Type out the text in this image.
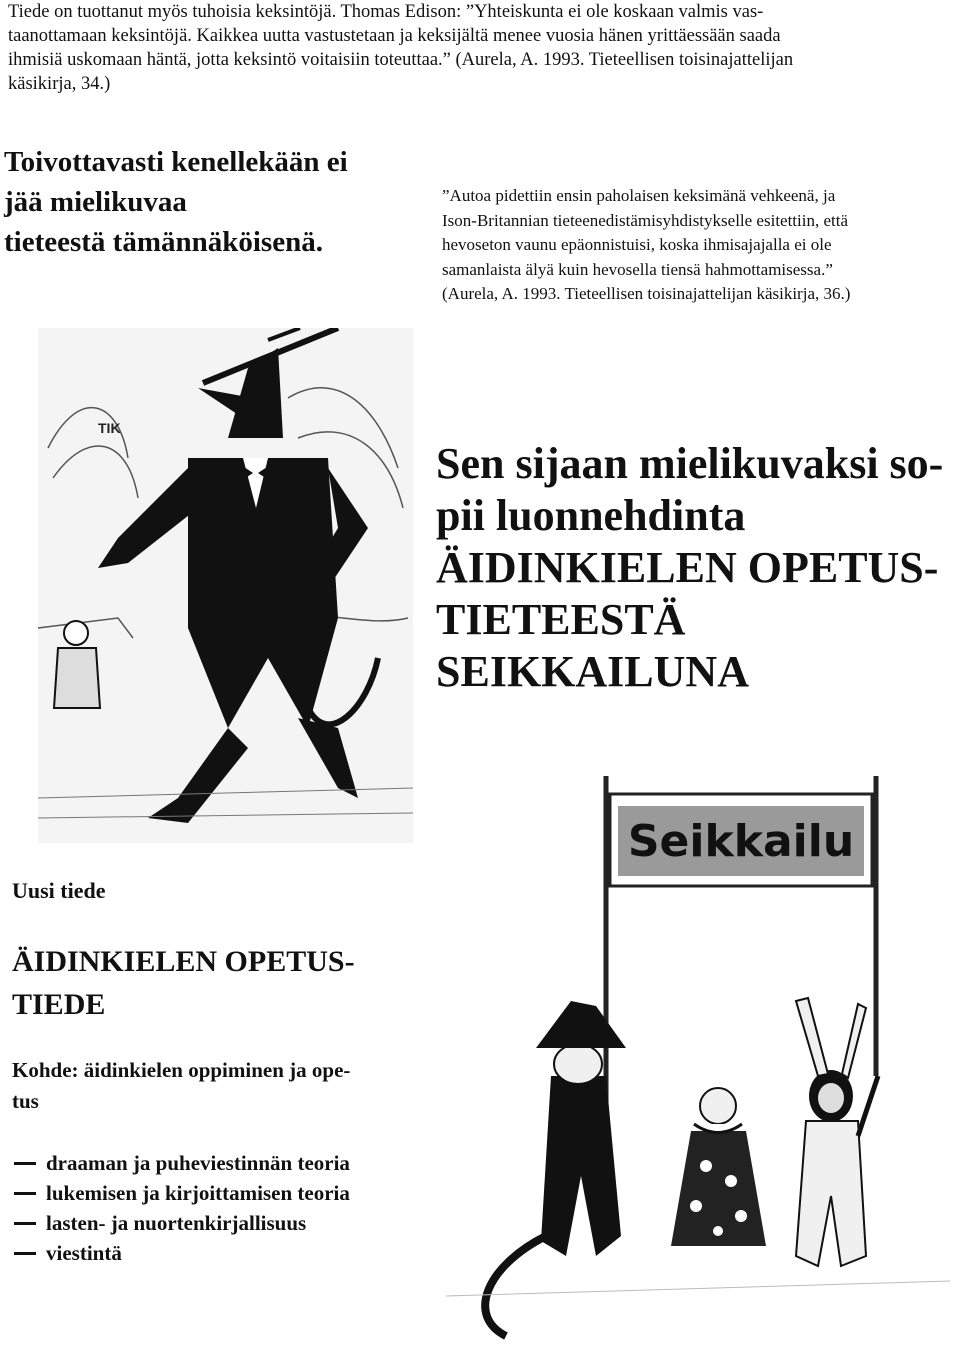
Tiede on tuottanut myös tuhoisia keksintöjä. Thomas Edison: ”Yhteiskunta ei ole koskaan valmis vas-
taanottamaan keksintöjä. Kaikkea uutta vastustetaan ja keksijältä menee vuosia hänen yrittäessään saada
ihmisiä uskomaan häntä, jotta keksintö voitaisiin toteuttaa.” (Aurela, A. 1993. Tieteellisen toisinajattelijan
käsikirja, 34.)
Toivottavasti kenellekään ei
jää mielikuvaa
tieteestä tämännäköisenä.
”Autoa pidettiin ensin paholaisen keksimänä vehkeenä, ja
Ison-Britannian tieteenedistämisyhdistykselle esitettiin, että
hevoseton vaunu epäonnistuisi, koska ihmisajajalla ei ole
samanlaista älyä kuin hevosella tiensä hahmottamisessa.”
(Aurela, A. 1993. Tieteellisen toisinajattelijan käsikirja, 36.)
TIK
Sen sijaan mielikuvaksi so-
pii luonnehdinta
ÄIDINKIELEN OPETUS-
TIETEESTÄ
SEIKKAILUNA
Seikkailu
Uusi tiede
ÄIDINKIELEN OPETUS-
TIEDE
Kohde: äidinkielen oppiminen ja ope-
tus
draaman ja puheviestinnän teoria
lukemisen ja kirjoittamisen teoria
lasten- ja nuortenkirjallisuus
viestintä
